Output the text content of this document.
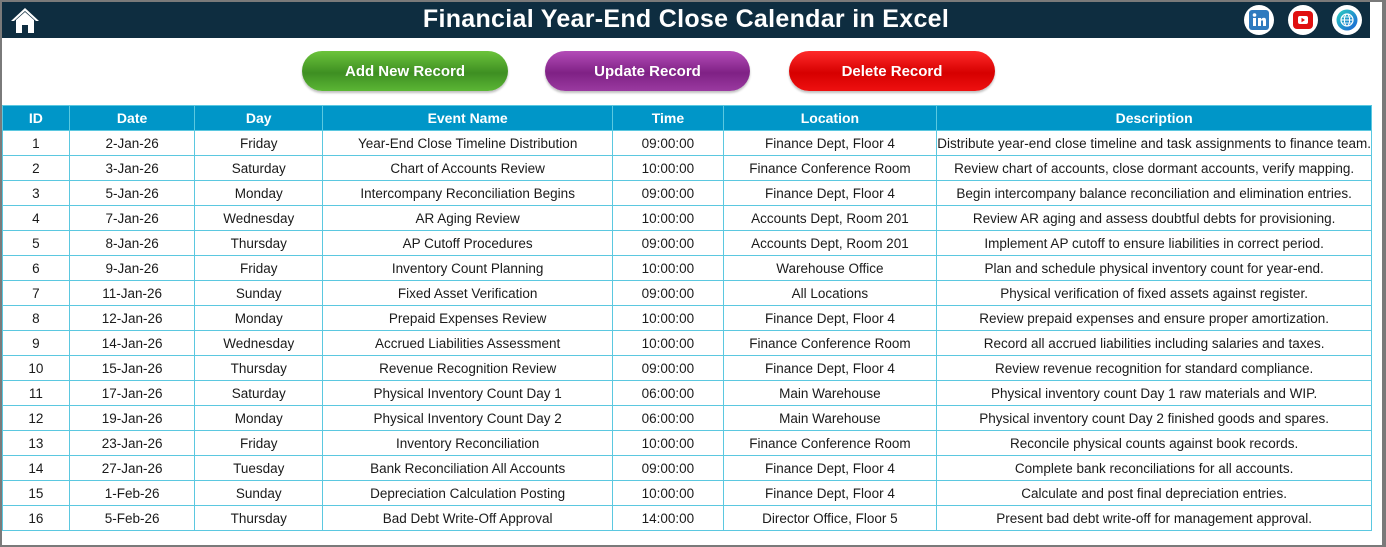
Financial Year-End Close Calendar in Excel
Add New Record	Update Record	Delete Record
ID	Date	Day	Event Name	Time	Location	Description
1	2-Jan-26	Friday	Year-End Close Timeline Distribution	09:00:00	Finance Dept, Floor 4	Distribute year-end close timeline and task assignments to finance team.

2	3-Jan-26	Saturday	Chart of Accounts Review	10:00:00	Finance Conference Room	Review chart of accounts, close dormant accounts, verify mapping.

3	5-Jan-26	Monday	Intercompany Reconciliation Begins	09:00:00	Finance Dept, Floor 4	Begin intercompany balance reconciliation and elimination entries.

4	7-Jan-26	Wednesday	AR Aging Review	10:00:00	Accounts Dept, Room 201	Review AR aging and assess doubtful debts for provisioning.

5	8-Jan-26	Thursday	AP Cutoff Procedures	09:00:00	Accounts Dept, Room 201	Implement AP cutoff to ensure liabilities in correct period.

6	9-Jan-26	Friday	Inventory Count Planning	10:00:00	Warehouse Office	Plan and schedule physical inventory count for year-end.

7	11-Jan-26	Sunday	Fixed Asset Verification	09:00:00	All Locations	Physical verification of fixed assets against register.

8	12-Jan-26	Monday	Prepaid Expenses Review	10:00:00	Finance Dept, Floor 4	Review prepaid expenses and ensure proper amortization.

9	14-Jan-26	Wednesday	Accrued Liabilities Assessment	10:00:00	Finance Conference Room	Record all accrued liabilities including salaries and taxes.

10	15-Jan-26	Thursday	Revenue Recognition Review	09:00:00	Finance Dept, Floor 4	Review revenue recognition for standard compliance.

11	17-Jan-26	Saturday	Physical Inventory Count Day 1	06:00:00	Main Warehouse	Physical inventory count Day 1 raw materials and WIP.

12	19-Jan-26	Monday	Physical Inventory Count Day 2	06:00:00	Main Warehouse	Physical inventory count Day 2 finished goods and spares.

13	23-Jan-26	Friday	Inventory Reconciliation	10:00:00	Finance Conference Room	Reconcile physical counts against book records.

14	27-Jan-26	Tuesday	Bank Reconciliation All Accounts	09:00:00	Finance Dept, Floor 4	Complete bank reconciliations for all accounts.

15	1-Feb-26	Sunday	Depreciation Calculation Posting	10:00:00	Finance Dept, Floor 4	Calculate and post final depreciation entries.

16	5-Feb-26	Thursday	Bad Debt Write-Off Approval	14:00:00	Director Office, Floor 5	Present bad debt write-off for management approval.
